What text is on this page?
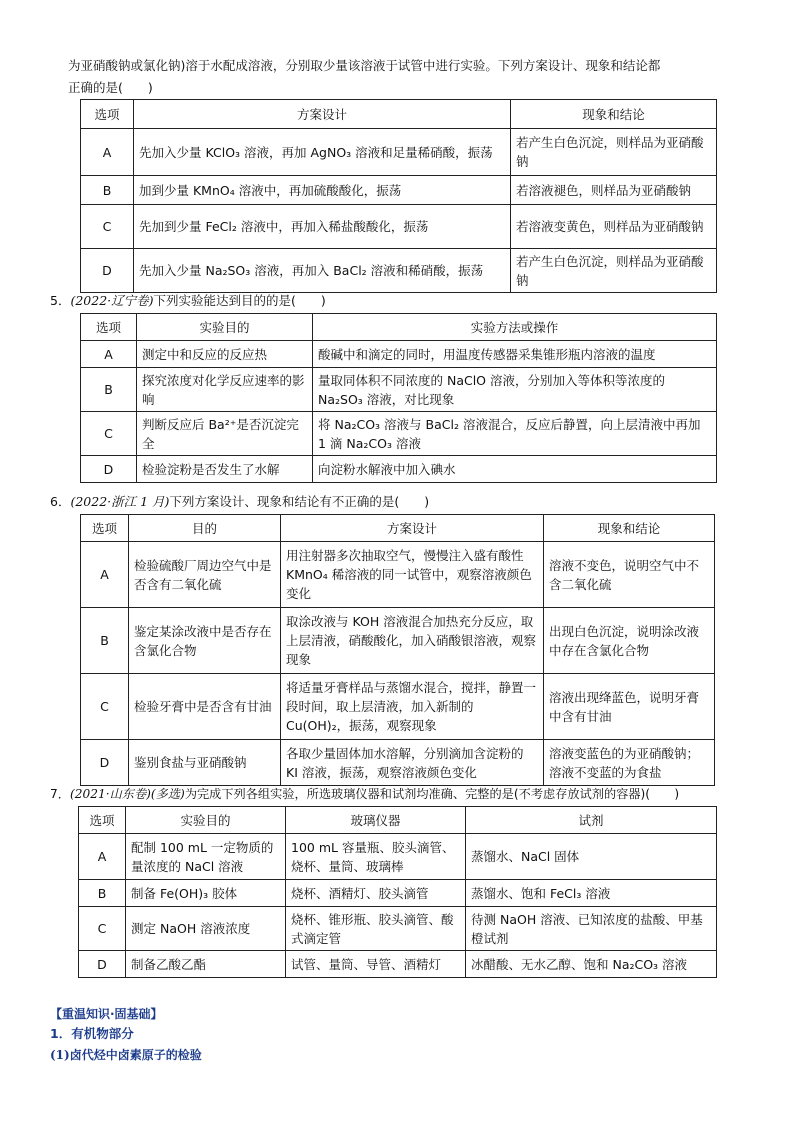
为亚硝酸钠或氯化钠)溶于水配成溶液，分别取少量该溶液于试管中进行实验。下列方案设计、现象和结论都
正确的是(　　)
选项	方案设计	现象和结论
A	先加入少量 KClO₃ 溶液，再加 AgNO₃ 溶液和足量稀硝酸，振荡	若产生白色沉淀，则样品为亚硝酸钠
B	加到少量 KMnO₄ 溶液中，再加硫酸酸化，振荡	若溶液褪色，则样品为亚硝酸钠
C	先加到少量 FeCl₂ 溶液中，再加入稀盐酸酸化，振荡	若溶液变黄色，则样品为亚硝酸钠
D	先加入少量 Na₂SO₃ 溶液，再加入 BaCl₂ 溶液和稀硝酸，振荡	若产生白色沉淀，则样品为亚硝酸钠
5．(2022·辽宁卷)下列实验能达到目的的是(　　)
选项	实验目的	实验方法或操作
A	测定中和反应的反应热	酸碱中和滴定的同时，用温度传感器采集锥形瓶内溶液的温度
B	探究浓度对化学反应速率的影响	量取同体积不同浓度的 NaClO 溶液，分别加入等体积等浓度的 Na₂SO₃ 溶液，对比现象
C	判断反应后 Ba²⁺是否沉淀完全	将 Na₂CO₃ 溶液与 BaCl₂ 溶液混合，反应后静置，向上层清液中再加 1 滴 Na₂CO₃ 溶液
D	检验淀粉是否发生了水解	向淀粉水解液中加入碘水
6．(2022·浙江 1 月)下列方案设计、现象和结论有不正确的是(　　)
选项	目的	方案设计	现象和结论
A	检验硫酸厂周边空气中是否含有二氧化硫	用注射器多次抽取空气，慢慢注入盛有酸性 KMnO₄ 稀溶液的同一试管中，观察溶液颜色变化	溶液不变色，说明空气中不含二氧化硫
B	鉴定某涂改液中是否存在含氯化合物	取涂改液与 KOH 溶液混合加热充分反应，取上层清液，硝酸酸化，加入硝酸银溶液，观察现象	出现白色沉淀，说明涂改液中存在含氯化合物
C	检验牙膏中是否含有甘油	将适量牙膏样品与蒸馏水混合，搅拌，静置一段时间，取上层清液，加入新制的 Cu(OH)₂，振荡，观察现象	溶液出现绛蓝色，说明牙膏中含有甘油
D	鉴别食盐与亚硝酸钠	各取少量固体加水溶解，分别滴加含淀粉的 KI 溶液，振荡，观察溶液颜色变化	溶液变蓝色的为亚硝酸钠；溶液不变蓝的为食盐
7．(2021·山东卷)(多选)为完成下列各组实验，所选玻璃仪器和试剂均准确、完整的是(不考虑存放试剂的容器)(　　)
选项	实验目的	玻璃仪器	试剂
A	配制 100 mL 一定物质的量浓度的 NaCl 溶液	100 mL 容量瓶、胶头滴管、烧杯、量筒、玻璃棒	蒸馏水、NaCl 固体
B	制备 Fe(OH)₃ 胶体	烧杯、酒精灯、胶头滴管	蒸馏水、饱和 FeCl₃ 溶液
C	测定 NaOH 溶液浓度	烧杯、锥形瓶、胶头滴管、酸式滴定管	待测 NaOH 溶液、已知浓度的盐酸、甲基橙试剂
D	制备乙酸乙酯	试管、量筒、导管、酒精灯	冰醋酸、无水乙醇、饱和 Na₂CO₃ 溶液
【重温知识·固基础】
1．有机物部分
(1)卤代烃中卤素原子的检验
